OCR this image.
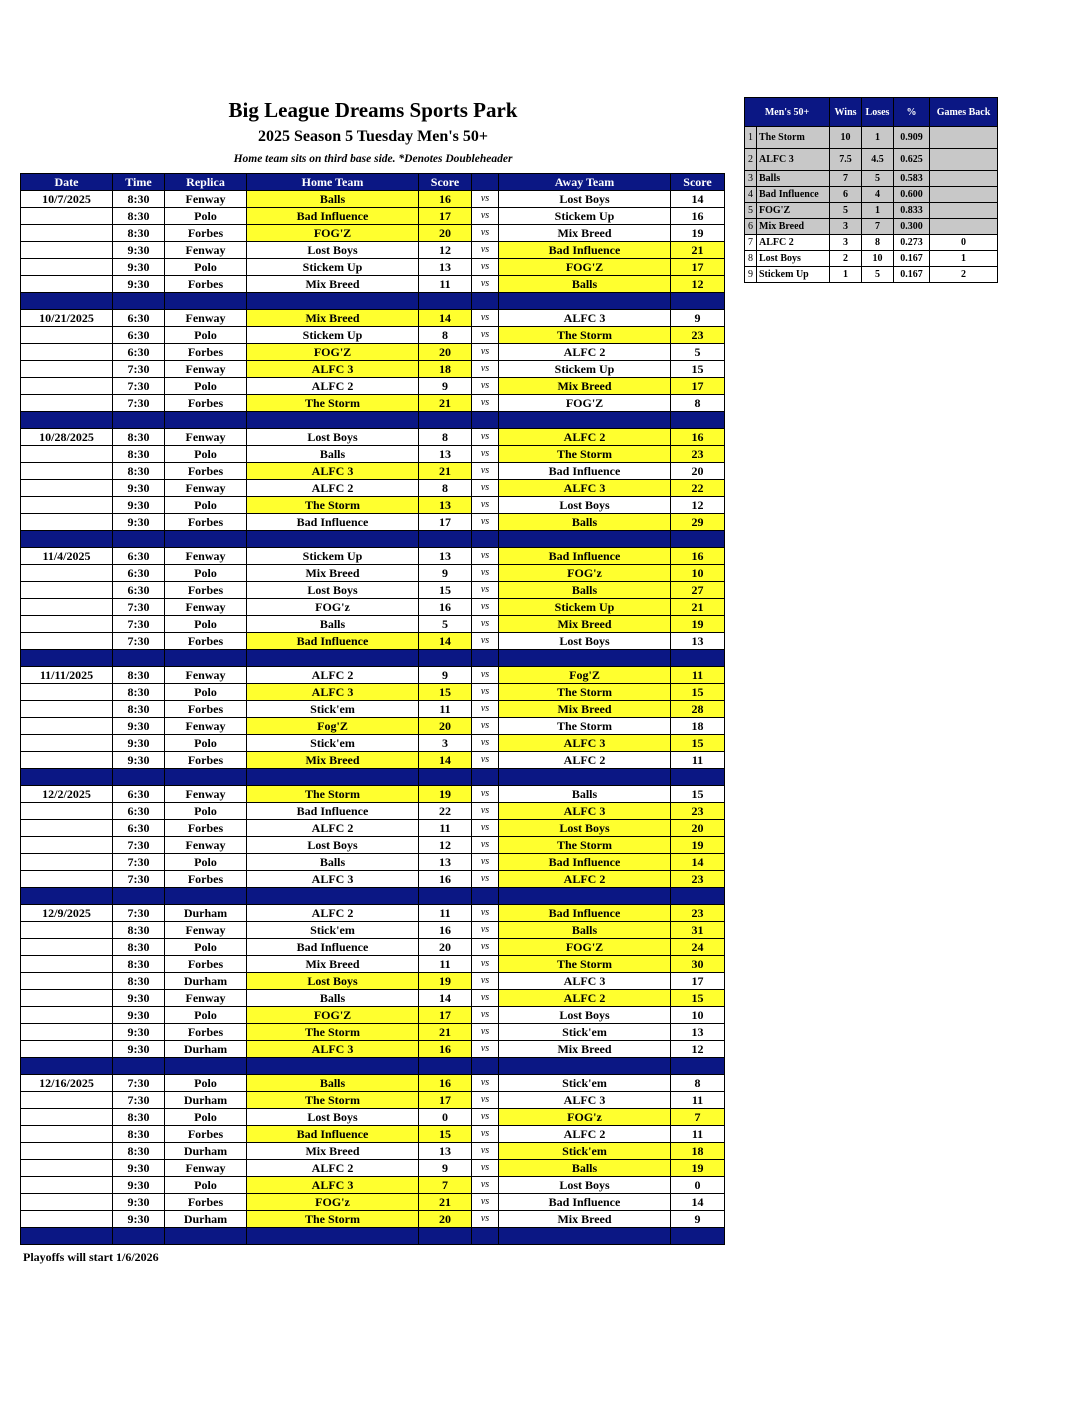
Big League Dreams Sports Park
2025 Season 5 Tuesday Men's 50+
Home team sits on third base side. *Denotes Doubleheader
Date	Time	Replica	Home Team	Score		Away Team	Score
10/7/2025	8:30	Fenway	Balls	16	vs	Lost Boys	14
	8:30	Polo	Bad Influence	17	vs	Stickem Up	16
	8:30	Forbes	FOG'Z	20	vs	Mix Breed	19
	9:30	Fenway	Lost Boys	12	vs	Bad Influence	21
	9:30	Polo	Stickem Up	13	vs	FOG'Z	17
	9:30	Forbes	Mix Breed	11	vs	Balls	12

10/21/2025	6:30	Fenway	Mix Breed	14	vs	ALFC 3	9
	6:30	Polo	Stickem Up	8	vs	The Storm	23
	6:30	Forbes	FOG'Z	20	vs	ALFC 2	5
	7:30	Fenway	ALFC 3	18	vs	Stickem Up	15
	7:30	Polo	ALFC 2	9	vs	Mix Breed	17
	7:30	Forbes	The Storm	21	vs	FOG'Z	8

10/28/2025	8:30	Fenway	Lost Boys	8	vs	ALFC 2	16
	8:30	Polo	Balls	13	vs	The Storm	23
	8:30	Forbes	ALFC 3	21	vs	Bad Influence	20
	9:30	Fenway	ALFC 2	8	vs	ALFC 3	22
	9:30	Polo	The Storm	13	vs	Lost Boys	12
	9:30	Forbes	Bad Influence	17	vs	Balls	29

11/4/2025	6:30	Fenway	Stickem Up	13	vs	Bad Influence	16
	6:30	Polo	Mix Breed	9	vs	FOG'z	10
	6:30	Forbes	Lost Boys	15	vs	Balls	27
	7:30	Fenway	FOG'z	16	vs	Stickem Up	21
	7:30	Polo	Balls	5	vs	Mix Breed	19
	7:30	Forbes	Bad Influence	14	vs	Lost Boys	13

11/11/2025	8:30	Fenway	ALFC 2	9	vs	Fog'Z	11
	8:30	Polo	ALFC 3	15	vs	The Storm	15
	8:30	Forbes	Stick'em	11	vs	Mix Breed	28
	9:30	Fenway	Fog'Z	20	vs	The Storm	18
	9:30	Polo	Stick'em	3	vs	ALFC 3	15
	9:30	Forbes	Mix Breed	14	vs	ALFC 2	11

12/2/2025	6:30	Fenway	The Storm	19	vs	Balls	15
	6:30	Polo	Bad Influence	22	vs	ALFC 3	23
	6:30	Forbes	ALFC 2	11	vs	Lost Boys	20
	7:30	Fenway	Lost Boys	12	vs	The Storm	19
	7:30	Polo	Balls	13	vs	Bad Influence	14
	7:30	Forbes	ALFC 3	16	vs	ALFC 2	23

12/9/2025	7:30	Durham	ALFC 2	11	vs	Bad Influence	23
	8:30	Fenway	Stick'em	16	vs	Balls	31
	8:30	Polo	Bad Influence	20	vs	FOG'Z	24
	8:30	Forbes	Mix Breed	11	vs	The Storm	30
	8:30	Durham	Lost Boys	19	vs	ALFC 3	17
	9:30	Fenway	Balls	14	vs	ALFC 2	15
	9:30	Polo	FOG'Z	17	vs	Lost Boys	10
	9:30	Forbes	The Storm	21	vs	Stick'em	13
	9:30	Durham	ALFC 3	16	vs	Mix Breed	12

12/16/2025	7:30	Polo	Balls	16	vs	Stick'em	8
	7:30	Durham	The Storm	17	vs	ALFC 3	11
	8:30	Polo	Lost Boys	0	vs	FOG'z	7
	8:30	Forbes	Bad Influence	15	vs	ALFC 2	11
	8:30	Durham	Mix Breed	13	vs	Stick'em	18
	9:30	Fenway	ALFC 2	9	vs	Balls	19
	9:30	Polo	ALFC 3	7	vs	Lost Boys	0
	9:30	Forbes	FOG'z	21	vs	Bad Influence	14
	9:30	Durham	The Storm	20	vs	Mix Breed	9

Men's 50+		Wins	Loses	%	Games Back
1	The Storm	10	1	0.909	
2	ALFC 3	7.5	4.5	0.625	
3	Balls	7	5	0.583	
4	Bad Influence	6	4	0.600	
5	FOG'Z	5	1	0.833	
6	Mix Breed	3	7	0.300	
7	ALFC 2	3	8	0.273	0
8	Lost Boys	2	10	0.167	1
9	Stickem Up	1	5	0.167	2
Playoffs will start 1/6/2026
